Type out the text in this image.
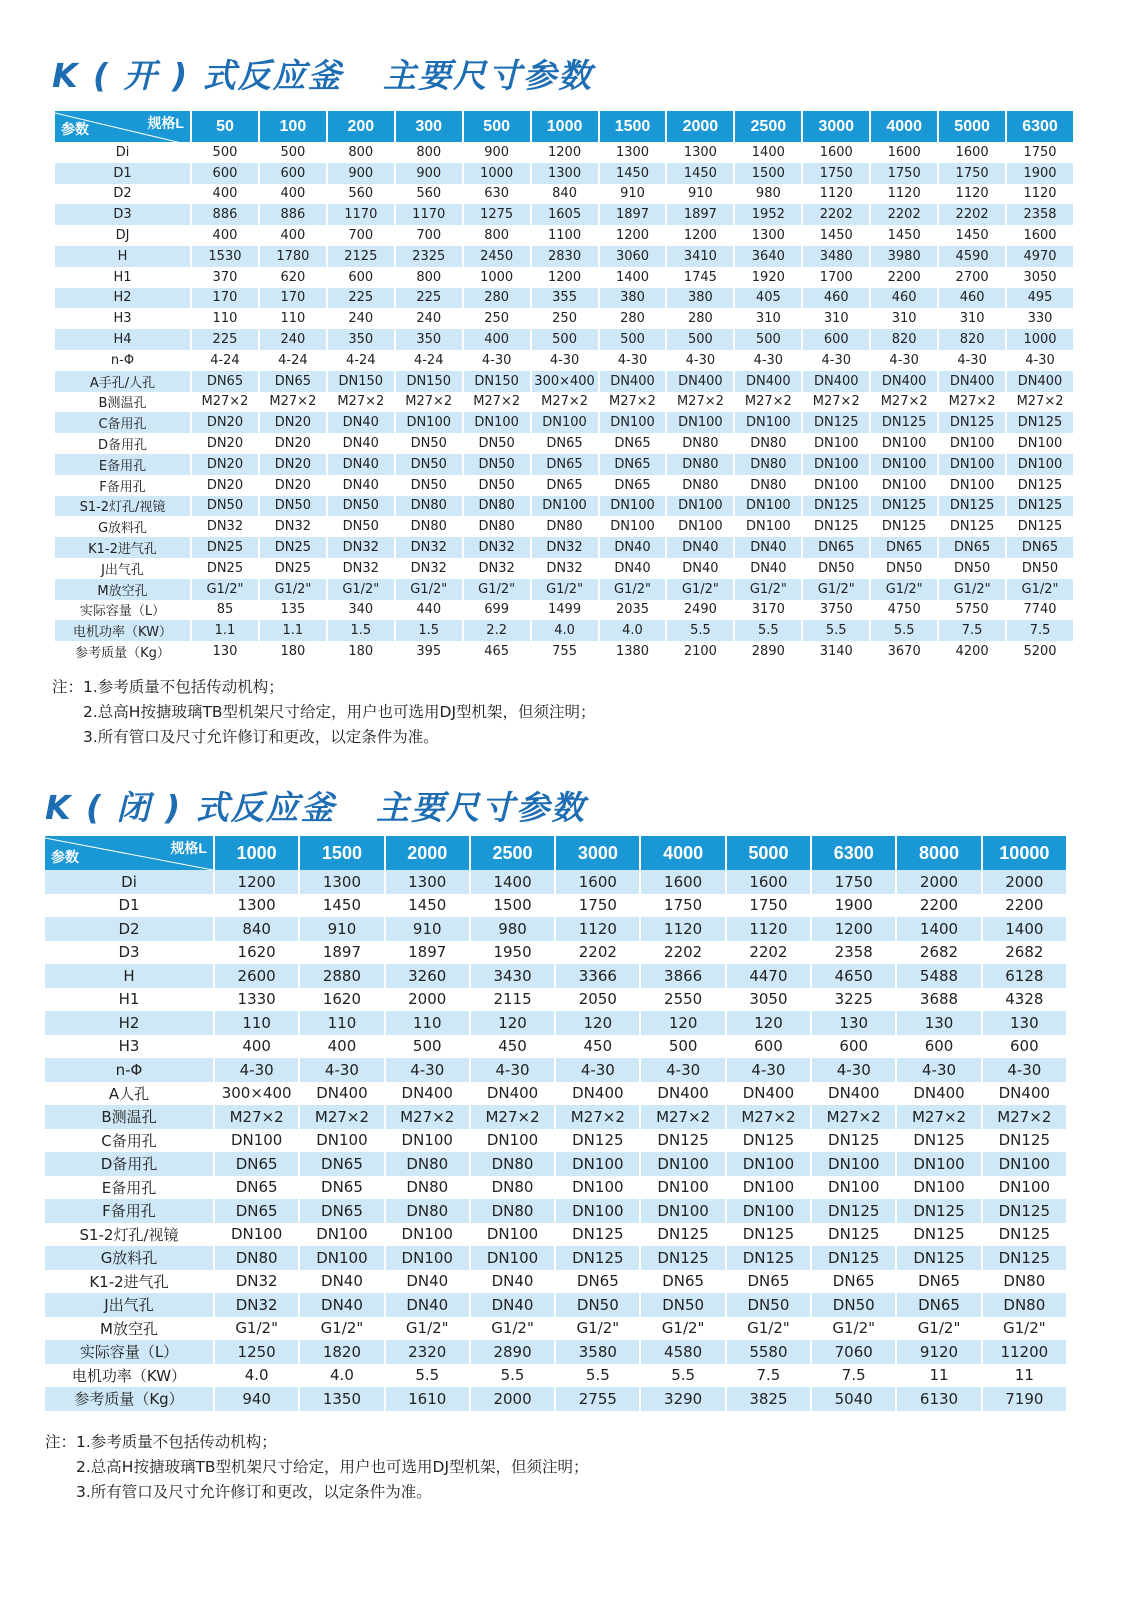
K ( 开 ) 式反应釜   主要尺寸参数
规格L
参数	50	100	200	300	500	1000	1500	2000	2500	3000	4000	5000	6300
Di	500	500	800	800	900	1200	1300	1300	1400	1600	1600	1600	1750
D1	600	600	900	900	1000	1300	1450	1450	1500	1750	1750	1750	1900
D2	400	400	560	560	630	840	910	910	980	1120	1120	1120	1120
D3	886	886	1170	1170	1275	1605	1897	1897	1952	2202	2202	2202	2358
DJ	400	400	700	700	800	1100	1200	1200	1300	1450	1450	1450	1600
H	1530	1780	2125	2325	2450	2830	3060	3410	3640	3480	3980	4590	4970
H1	370	620	600	800	1000	1200	1400	1745	1920	1700	2200	2700	3050
H2	170	170	225	225	280	355	380	380	405	460	460	460	495
H3	110	110	240	240	250	250	280	280	310	310	310	310	330
H4	225	240	350	350	400	500	500	500	500	600	820	820	1000
n-Φ	4-24	4-24	4-24	4-24	4-30	4-30	4-30	4-30	4-30	4-30	4-30	4-30	4-30
A手孔/人孔	DN65	DN65	DN150	DN150	DN150	300×400	DN400	DN400	DN400	DN400	DN400	DN400	DN400
B测温孔	M27×2	M27×2	M27×2	M27×2	M27×2	M27×2	M27×2	M27×2	M27×2	M27×2	M27×2	M27×2	M27×2
C备用孔	DN20	DN20	DN40	DN100	DN100	DN100	DN100	DN100	DN100	DN125	DN125	DN125	DN125
D备用孔	DN20	DN20	DN40	DN50	DN50	DN65	DN65	DN80	DN80	DN100	DN100	DN100	DN100
E备用孔	DN20	DN20	DN40	DN50	DN50	DN65	DN65	DN80	DN80	DN100	DN100	DN100	DN100
F备用孔	DN20	DN20	DN40	DN50	DN50	DN65	DN65	DN80	DN80	DN100	DN100	DN100	DN125
S1-2灯孔/视镜	DN50	DN50	DN50	DN80	DN80	DN100	DN100	DN100	DN100	DN125	DN125	DN125	DN125
G放料孔	DN32	DN32	DN50	DN80	DN80	DN80	DN100	DN100	DN100	DN125	DN125	DN125	DN125
K1-2进气孔	DN25	DN25	DN32	DN32	DN32	DN32	DN40	DN40	DN40	DN65	DN65	DN65	DN65
J出气孔	DN25	DN25	DN32	DN32	DN32	DN32	DN40	DN40	DN40	DN50	DN50	DN50	DN50
M放空孔	G1/2"	G1/2"	G1/2"	G1/2"	G1/2"	G1/2"	G1/2"	G1/2"	G1/2"	G1/2"	G1/2"	G1/2"	G1/2"
实际容量（L）	85	135	340	440	699	1499	2035	2490	3170	3750	4750	5750	7740
电机功率（KW）	1.1	1.1	1.5	1.5	2.2	4.0	4.0	5.5	5.5	5.5	5.5	7.5	7.5
参考质量（Kg）	130	180	180	395	465	755	1380	2100	2890	3140	3670	4200	5200
注：1.参考质量不包括传动机构；
　　2.总高H按搪玻璃TB型机架尺寸给定，用户也可选用DJ型机架，但须注明；
　　3.所有管口及尺寸允许修订和更改，以定条件为准。
K ( 闭 ) 式反应釜   主要尺寸参数
规格L
参数	1000	1500	2000	2500	3000	4000	5000	6300	8000	10000
Di	1200	1300	1300	1400	1600	1600	1600	1750	2000	2000
D1	1300	1450	1450	1500	1750	1750	1750	1900	2200	2200
D2	840	910	910	980	1120	1120	1120	1200	1400	1400
D3	1620	1897	1897	1950	2202	2202	2202	2358	2682	2682
H	2600	2880	3260	3430	3366	3866	4470	4650	5488	6128
H1	1330	1620	2000	2115	2050	2550	3050	3225	3688	4328
H2	110	110	110	120	120	120	120	130	130	130
H3	400	400	500	450	450	500	600	600	600	600
n-Φ	4-30	4-30	4-30	4-30	4-30	4-30	4-30	4-30	4-30	4-30
A人孔	300×400	DN400	DN400	DN400	DN400	DN400	DN400	DN400	DN400	DN400
B测温孔	M27×2	M27×2	M27×2	M27×2	M27×2	M27×2	M27×2	M27×2	M27×2	M27×2
C备用孔	DN100	DN100	DN100	DN100	DN125	DN125	DN125	DN125	DN125	DN125
D备用孔	DN65	DN65	DN80	DN80	DN100	DN100	DN100	DN100	DN100	DN100
E备用孔	DN65	DN65	DN80	DN80	DN100	DN100	DN100	DN100	DN100	DN100
F备用孔	DN65	DN65	DN80	DN80	DN100	DN100	DN100	DN125	DN125	DN125
S1-2灯孔/视镜	DN100	DN100	DN100	DN100	DN125	DN125	DN125	DN125	DN125	DN125
G放料孔	DN80	DN100	DN100	DN100	DN125	DN125	DN125	DN125	DN125	DN125
K1-2进气孔	DN32	DN40	DN40	DN40	DN65	DN65	DN65	DN65	DN65	DN80
J出气孔	DN32	DN40	DN40	DN40	DN50	DN50	DN50	DN50	DN65	DN80
M放空孔	G1/2"	G1/2"	G1/2"	G1/2"	G1/2"	G1/2"	G1/2"	G1/2"	G1/2"	G1/2"
实际容量（L）	1250	1820	2320	2890	3580	4580	5580	7060	9120	11200
电机功率（KW）	4.0	4.0	5.5	5.5	5.5	5.5	7.5	7.5	11	11
参考质量（Kg）	940	1350	1610	2000	2755	3290	3825	5040	6130	7190
注：1.参考质量不包括传动机构；
　　2.总高H按搪玻璃TB型机架尺寸给定，用户也可选用DJ型机架，但须注明；
　　3.所有管口及尺寸允许修订和更改，以定条件为准。
